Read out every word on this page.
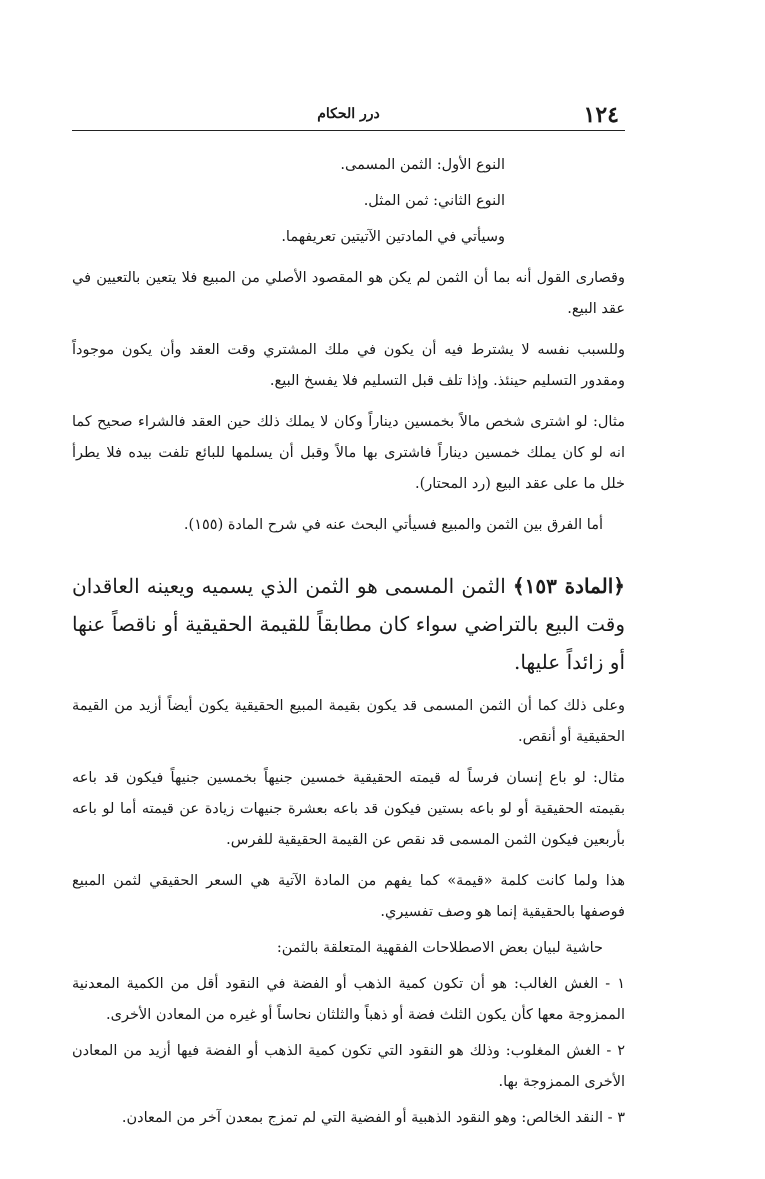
١٢٤
درر الحكام

النوع الأول: الثمن المسمى.

النوع الثاني: ثمن المثل.

وسيأتي في المادتين الآتيتين تعريفهما.

وقصارى القول أنه بما أن الثمن لم يكن هو المقصود الأصلي من المبيع فلا يتعين بالتعيين في عقد البيع.

وللسبب نفسه لا يشترط فيه أن يكون في ملك المشتري وقت العقد وأن يكون موجوداً ومقدور التسليم حينئذ. وإذا تلف قبل التسليم فلا يفسخ البيع.

مثال: لو اشترى شخص مالاً بخمسين ديناراً وكان لا يملك ذلك حين العقد فالشراء صحيح كما انه لو كان يملك خمسين ديناراً فاشترى بها مالاً وقبل أن يسلمها للبائع تلفت بيده فلا يطرأ خلل ما على عقد البيع (رد المحتار).

أما الفرق بين الثمن والمبيع فسيأتي البحث عنه في شرح المادة (١٥٥).

﴿المادة ١٥٣﴾ الثمن المسمى هو الثمن الذي يسميه ويعينه العاقدان وقت البيع بالتراضي سواء كان مطابقاً للقيمة الحقيقية أو ناقصاً عنها أو زائداً عليها.

وعلى ذلك كما أن الثمن المسمى قد يكون بقيمة المبيع الحقيقية يكون أيضاً أزيد من القيمة الحقيقية أو أنقص.

مثال: لو باع إنسان فرساً له قيمته الحقيقية خمسين جنيهاً بخمسين جنيهاً فيكون قد باعه بقيمته الحقيقية أو لو باعه بستين فيكون قد باعه بعشرة جنيهات زيادة عن قيمته أما لو باعه بأربعين فيكون الثمن المسمى قد نقص عن القيمة الحقيقية للفرس.

هذا ولما كانت كلمة «قيمة» كما يفهم من المادة الآتية هي السعر الحقيقي لثمن المبيع فوصفها بالحقيقية إنما هو وصف تفسيري.

حاشية لبيان بعض الاصطلاحات الفقهية المتعلقة بالثمن:

١ - الغش الغالب: هو أن تكون كمية الذهب أو الفضة في النقود أقل من الكمية المعدنية الممزوجة معها كأن يكون الثلث فضة أو ذهباً والثلثان نحاساً أو غيره من المعادن الأخرى.

٢ - الغش المغلوب: وذلك هو النقود التي تكون كمية الذهب أو الفضة فيها أزيد من المعادن الأخرى الممزوجة بها.

٣ - النقد الخالص: وهو النقود الذهبية أو الفضية التي لم تمزج بمعدن آخر من المعادن.
